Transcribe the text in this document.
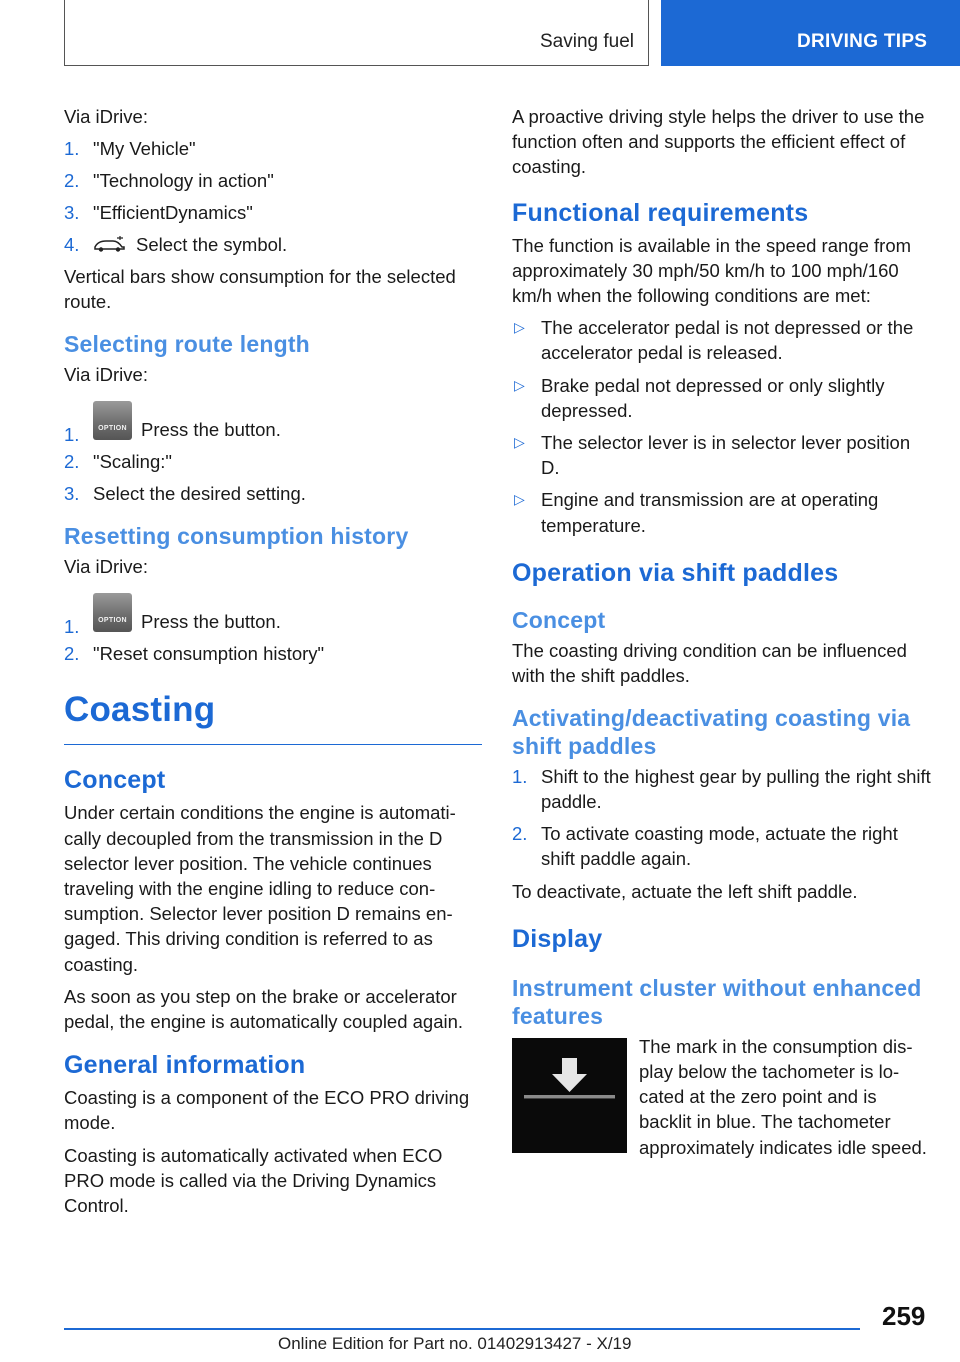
Saving fuel	DRIVING TIPS

Via iDrive:

1. "My Vehicle"
2. "Technology in action"
3. "EfficientDynamics"
4.	Select the symbol.

Vertical bars show consumption for the selected route.

Selecting route length

Via iDrive:

1.	OPTION Press the button.
2. "Scaling:"
3. Select the desired setting.
Resetting consumption history

Via iDrive:

1.	OPTION Press the button.
2. "Reset consumption history"
Coasting
Concept

Under certain conditions the engine is automatically decoupled from the transmission in the D selector lever position. The vehicle continues traveling with the engine idling to reduce consumption. Selector lever position D remains engaged. This driving condition is referred to as coasting.

As soon as you step on the brake or accelerator pedal, the engine is automatically coupled again.

General information

Coasting is a component of the ECO PRO driving mode.

Coasting is automatically activated when ECO PRO mode is called via the Driving Dynamics Control.

A proactive driving style helps the driver to use the function often and supports the efficient effect of coasting.

Functional requirements

The function is available in the speed range from approximately 30 mph/50 km/h to 100 mph/160 km/h when the following conditions are met:

▷ The accelerator pedal is not depressed or the accelerator pedal is released.
▷ Brake pedal not depressed or only slightly depressed.
▷ The selector lever is in selector lever position D.
▷ Engine and transmission are at operating temperature.
Operation via shift paddles
Concept

The coasting driving condition can be influenced with the shift paddles.

Activating/deactivating coasting via shift paddles
1. Shift to the highest gear by pulling the right shift paddle.
2. To activate coasting mode, actuate the right shift paddle again.

To deactivate, actuate the left shift paddle.

Display
Instrument cluster without enhanced features

The mark in the consumption display below the tachometer is located at the zero point and is backlit in blue. The tachometer approximately indicates idle speed.

259
Online Edition for Part no. 01402913427 - X/19
